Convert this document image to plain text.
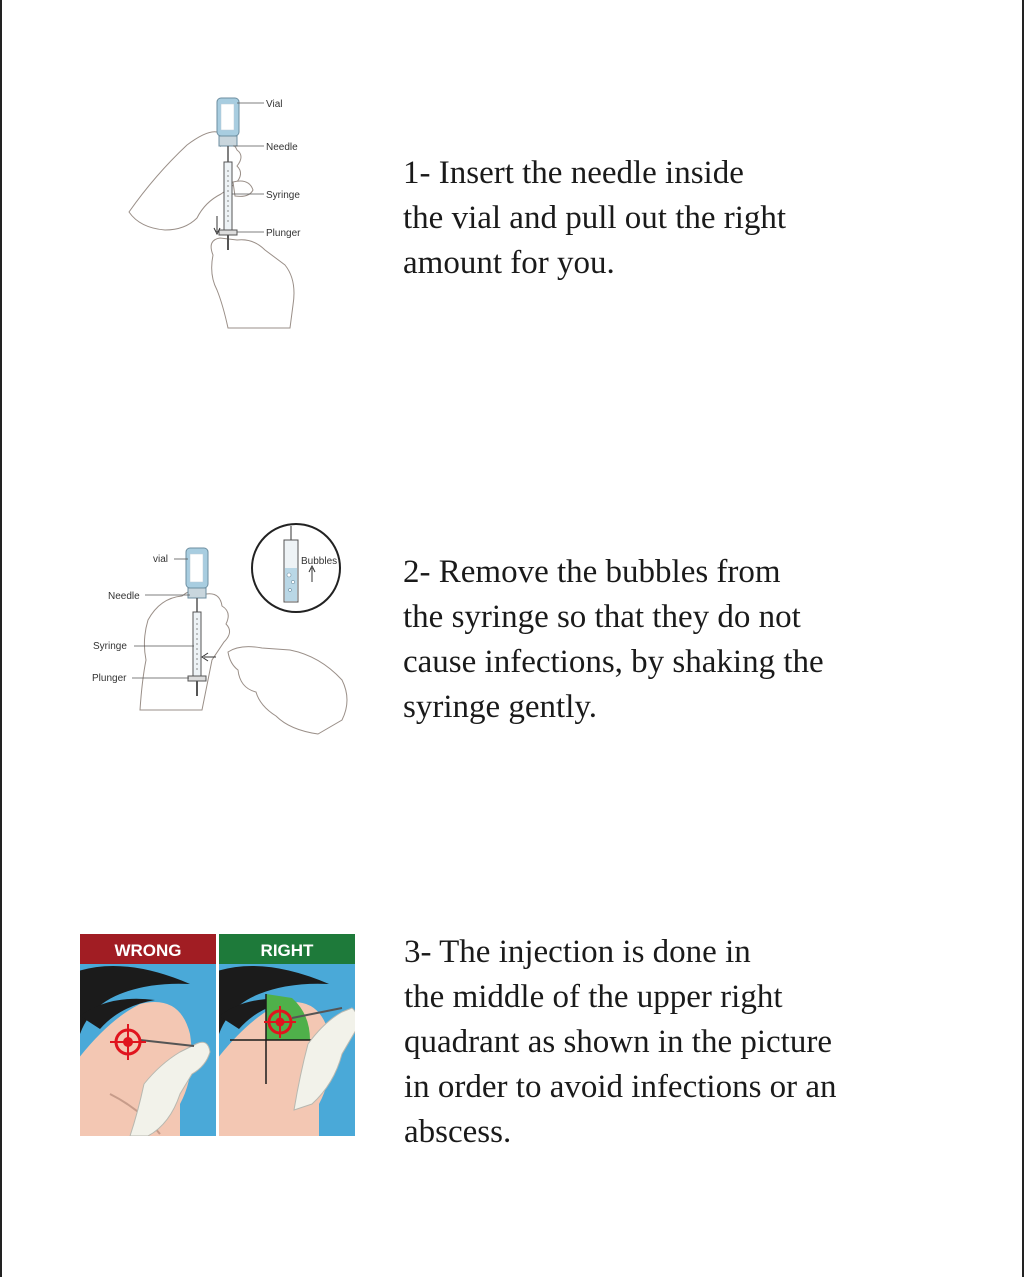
Vial
Needle
Syringe
Plunger

1- Insert the needle inside
the vial and pull out the right
amount for you.

Bubbles
vial
Needle
Syringe
Plunger

2- Remove the bubbles from
the syringe so that they do not
cause infections, by shaking the
syringe gently.

WRONG	RIGHT	3- The injection is done in
the middle of the upper right
quadrant as shown in the picture
in order to avoid infections or an
abscess.
